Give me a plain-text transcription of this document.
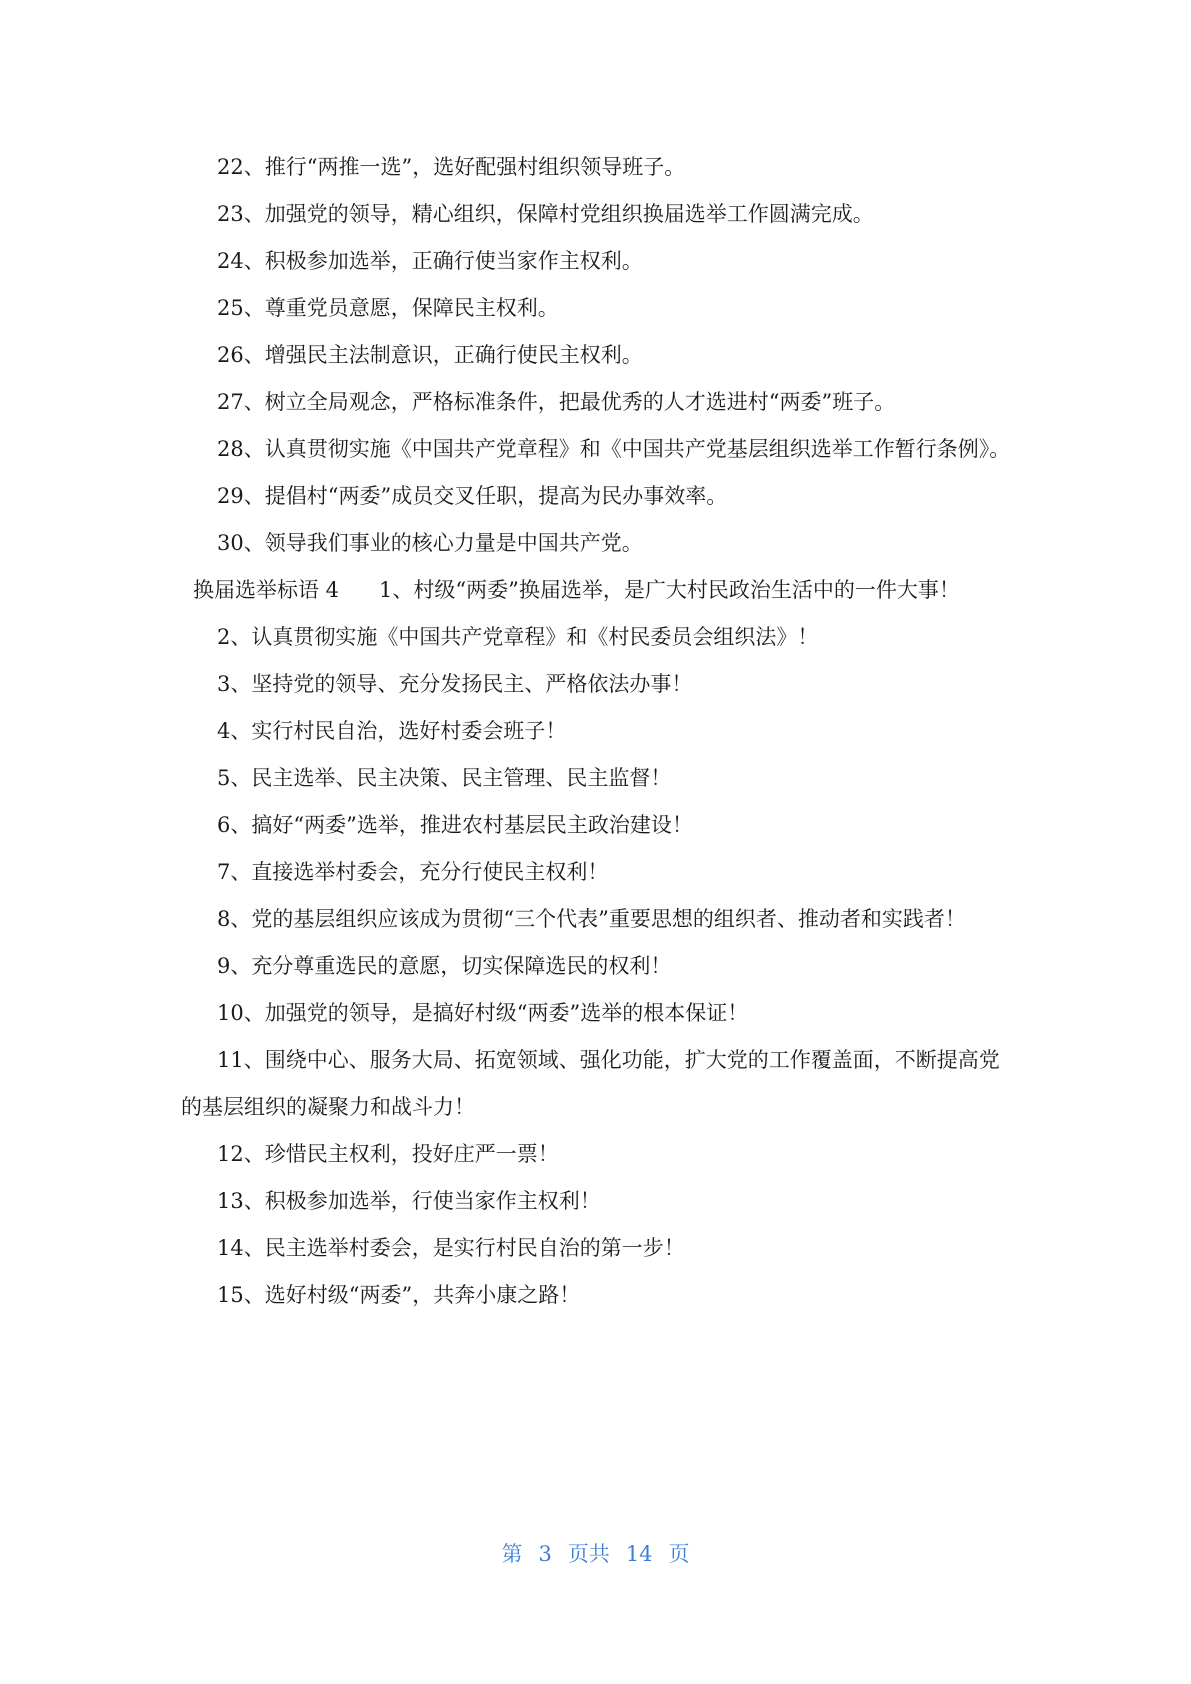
22、推行“两推一选”，选好配强村组织领导班子。

23、加强党的领导，精心组织，保障村党组织换届选举工作圆满完成。

24、积极参加选举，正确行使当家作主权利。

25、尊重党员意愿，保障民主权利。

26、增强民主法制意识，正确行使民主权利。

27、树立全局观念，严格标准条件，把最优秀的人才选进村“两委”班子。

28、认真贯彻实施《中国共产党章程》和《中国共产党基层组织选举工作暂行条例》。

29、提倡村“两委”成员交叉任职，提高为民办事效率。

30、领导我们事业的核心力量是中国共产党。

换届选举标语 4 1、村级“两委”换届选举，是广大村民政治生活中的一件大事！

2、认真贯彻实施《中国共产党章程》和《村民委员会组织法》！

3、坚持党的领导、充分发扬民主、严格依法办事！

4、实行村民自治，选好村委会班子！

5、民主选举、民主决策、民主管理、民主监督！

6、搞好“两委”选举，推进农村基层民主政治建设！

7、直接选举村委会，充分行使民主权利！

8、党的基层组织应该成为贯彻“三个代表”重要思想的组织者、推动者和实践者！

9、充分尊重选民的意愿，切实保障选民的权利！

10、加强党的领导，是搞好村级“两委”选举的根本保证！

11、围绕中心、服务大局、拓宽领域、强化功能，扩大党的工作覆盖面，不断提高党的基层组织的凝聚力和战斗力！

12、珍惜民主权利，投好庄严一票！

13、积极参加选举，行使当家作主权利！

14、民主选举村委会，是实行村民自治的第一步！

15、选好村级“两委”，共奔小康之路！

第 3 页共 14 页
